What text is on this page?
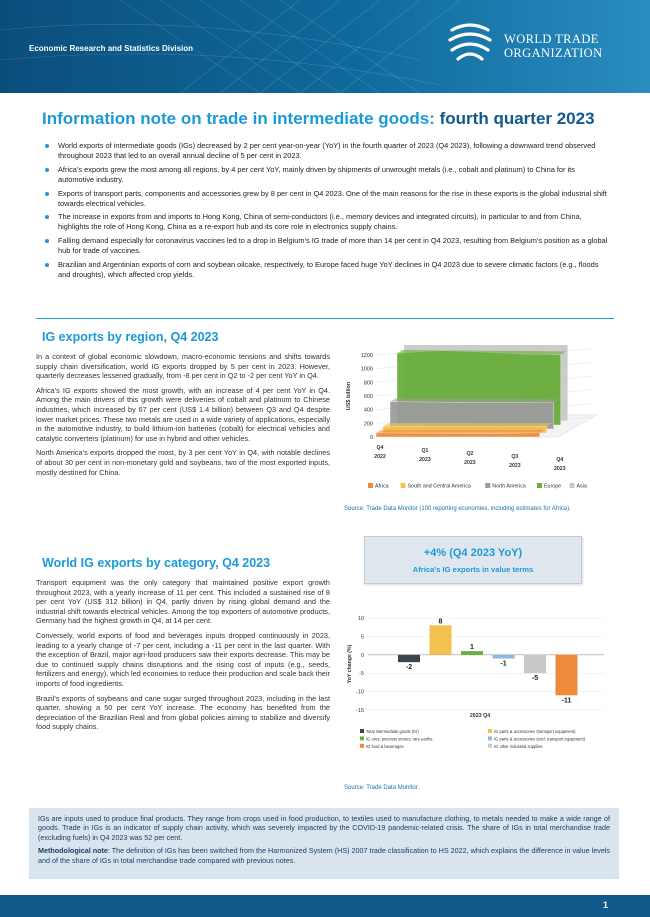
Economic Research and Statistics Division
WORLD TRADE
ORGANIZATION
Information note on trade in intermediate goods: fourth quarter 2023
World exports of intermediate goods (IGs) decreased by 2 per cent year-on-year (YoY) in the fourth quarter of 2023 (Q4 2023), following a downward trend observed throughout 2023 that led to an overall annual decline of 5 per cent in 2023.
Africa’s exports grew the most among all regions, by 4 per cent YoY, mainly driven by shipments of unwrought metals (i.e., cobalt and platinum) to China for its automotive industry.
Exports of transport parts, components and accessories grew by 8 per cent in Q4 2023. One of the main reasons for the rise in these exports is the global industrial shift towards electrical vehicles.
The increase in exports from and imports to Hong Kong, China of semi-conductors (i.e., memory devices and integrated circuits), in particular to and from China, highlights the role of Hong Kong, China as a re-export hub and its core role in electronics supply chains.
Falling demand especially for coronavirus vaccines led to a drop in Belgium’s IG trade of more than 14 per cent in Q4 2023, resulting from Belgium’s position as a global hub for trade of vaccines.
Brazilian and Argentinian exports of corn and soybean oilcake, respectively, to Europe faced huge YoY declines in Q4 2023 due to severe climatic factors (e.g., floods and droughts), which affected crop yields.
IG exports by region, Q4 2023

In a context of global economic slowdown, macro-economic tensions and shifts towards supply chain diversification, world IG exports dropped by 5 per cent in 2023. However, quarterly decreases lessened gradually, from -8 per cent in Q2 to -2 per cent YoY in Q4.

Africa’s IG exports showed the most growth, with an increase of 4 per cent YoY in Q4. Among the main drivers of this growth were deliveries of cobalt and platinum to Chinese industries, which increased by 67 per cent (US$ 1.4 billion) between Q3 and Q4 despite lower market prices. These two metals are used in a wide variety of applications, especially in the automotive industry, to build lithium-ion batteries (cobalt) for electrical vehicles and catalytic converters (platinum) for use in hybrid and other vehicles.

North America’s exports dropped the most, by 3 per cent YoY in Q4, with notable declines of about 30 per cent in non-monetary gold and soybeans, two of the most exported inputs, mostly destined for China.

0
200
400
600
800
1000
1200
US$ billion
Q4
2022
Q1
2023
Q2
2023
Q3
2023
Q4
2023
Africa	South and Central America	North America	Europe	Asia
Source: Trade Data Monitor (100 reporting economies, including estimates for Africa).
World IG exports by category, Q4 2023

Transport equipment was the only category that maintained positive export growth throughout 2023, with a yearly increase of 11 per cent. This included a sustained rise of 8 per cent YoY (US$ 312 billion) in Q4, partly driven by rising global demand and the industrial shift towards electrical vehicles. Among the top exporters of automotive products, Germany had the highest growth in Q4, at 14 per cent.

Conversely, world exports of food and beverages inputs dropped continuously in 2023, leading to a yearly change of -7 per cent, including a -11 per cent in the last quarter. With the exception of Brazil, major agri-food producers saw their exports decrease. This may be due to continued supply chains disruptions and the rising cost of inputs (e.g., seeds, fertilizers and energy), which led economies to reduce their production and scale back their imports of food ingredients.

Brazil’s exports of soybeans and cane sugar surged throughout 2023, including in the last quarter, showing a 50 per cent YoY increase. The economy has benefited from the depreciation of the Brazilian Real and from global policies aiming to stabilize and diversify food supply chains.

+4% (Q4 2023 YoY)
Africa’s IG exports in value terms
10
5
0
-5
-10
-15
YoY change (%)	-2
8
1
-1
-5
-11
2023 Q4
Total intermediate goods (IG)	IG parts & accessories (transport equipment)
IG ores; precious stones; rare earths	IG parts & accessories (excl. transport equipment)
IG food & beverages	IG other industrial supplies
Source: Trade Data Monitor.

IGs are inputs used to produce final products. They range from crops used in food production, to textiles used to manufacture clothing, to metals needed to make a wide range of goods. Trade in IGs is an indicator of supply chain activity, which was severely impacted by the COVID-19 pandemic-related crisis. The share of IGs in total merchandise trade (excluding fuels) in Q4 2023 was 52 per cent.

Methodological note: The definition of IGs has been switched from the Harmonized System (HS) 2007 trade classification to HS 2022, which explains the difference in value levels and of the share of IGs in total merchandise trade compared with previous notes.

1
